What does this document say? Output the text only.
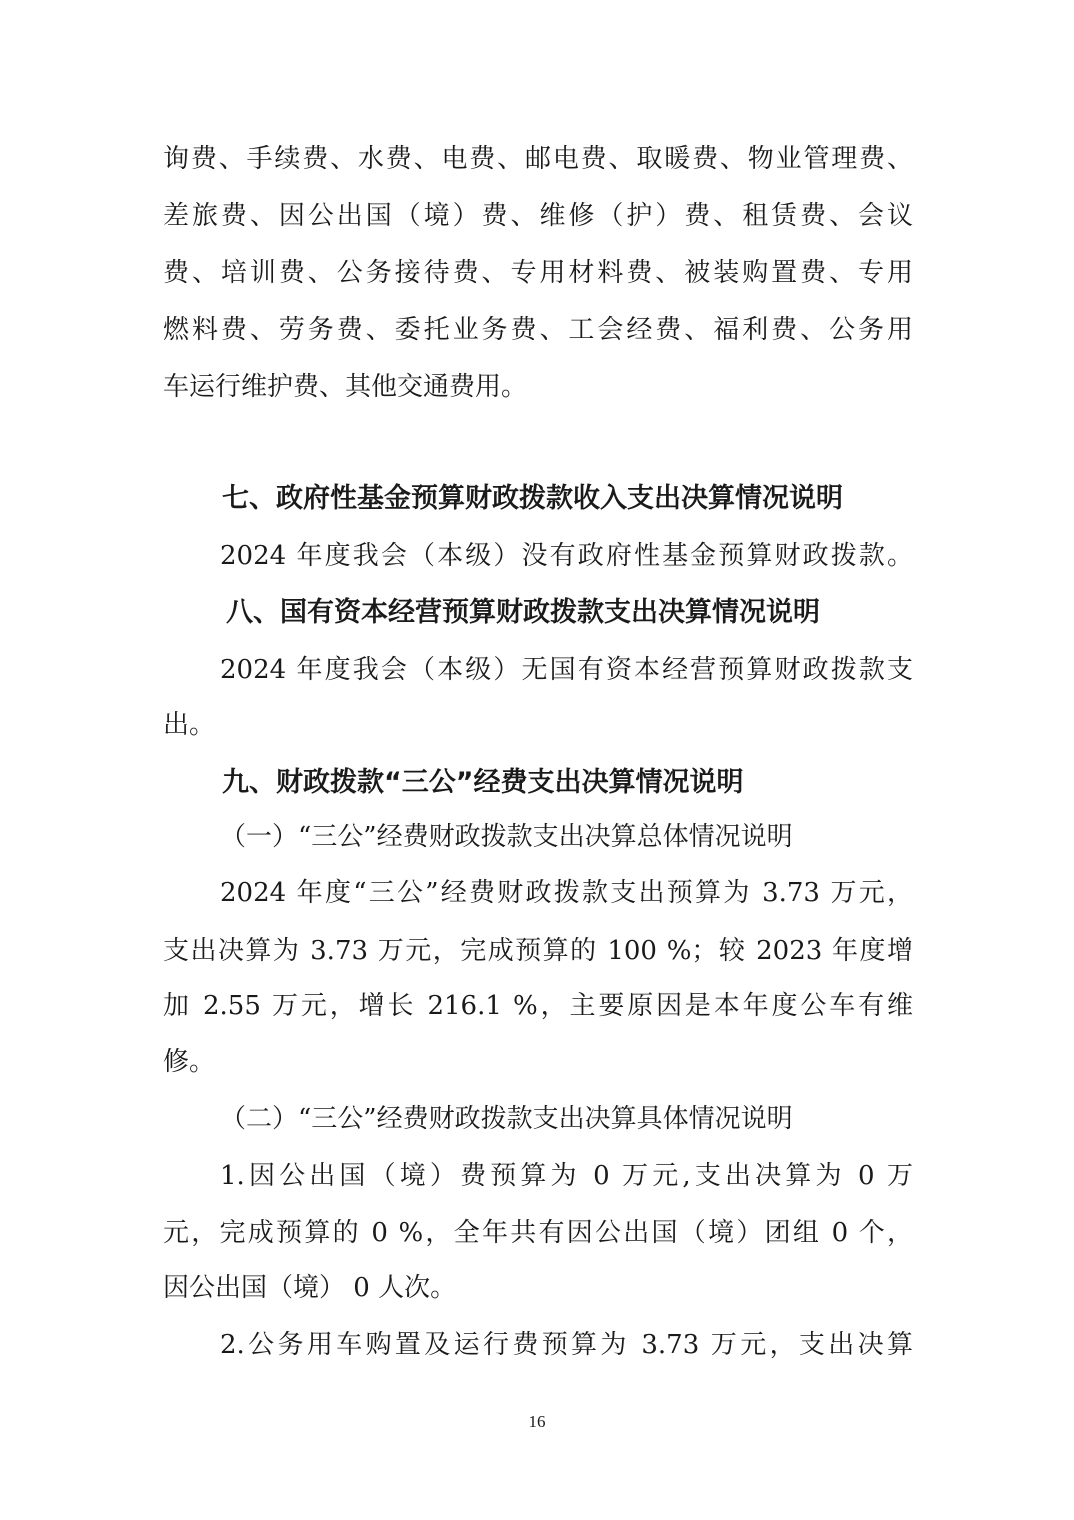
询费、手续费、水费、电费、邮电费、取暖费、物业管理费、
差旅费、因公出国（境）费、维修（护）费、租赁费、会议
费、培训费、公务接待费、专用材料费、被装购置费、专用
燃料费、劳务费、委托业务费、工会经费、福利费、公务用
车运行维护费、其他交通费用。
七、政府性基金预算财政拨款收入支出决算情况说明
2024 年度我会（本级）没有政府性基金预算财政拨款。
八、国有资本经营预算财政拨款支出决算情况说明
2024 年度我会（本级）无国有资本经营预算财政拨款支
出。
九、财政拨款“三公”经费支出决算情况说明
（一）“三公”经费财政拨款支出决算总体情况说明
2024 年度“三公”经费财政拨款支出预算为 3.73 万元，
支出决算为 3.73 万元，完成预算的 100 %；较 2023 年度增
加 2.55 万元，增长 216.1 %，主要原因是本年度公车有维
修。
（二）“三公”经费财政拨款支出决算具体情况说明
1.因公出国（境）费预算为 0 万元,支出决算为 0 万
元，完成预算的 0 %，全年共有因公出国（境）团组 0 个，
因公出国（境） 0 人次。
2.公务用车购置及运行费预算为 3.73 万元，支出决算
16
